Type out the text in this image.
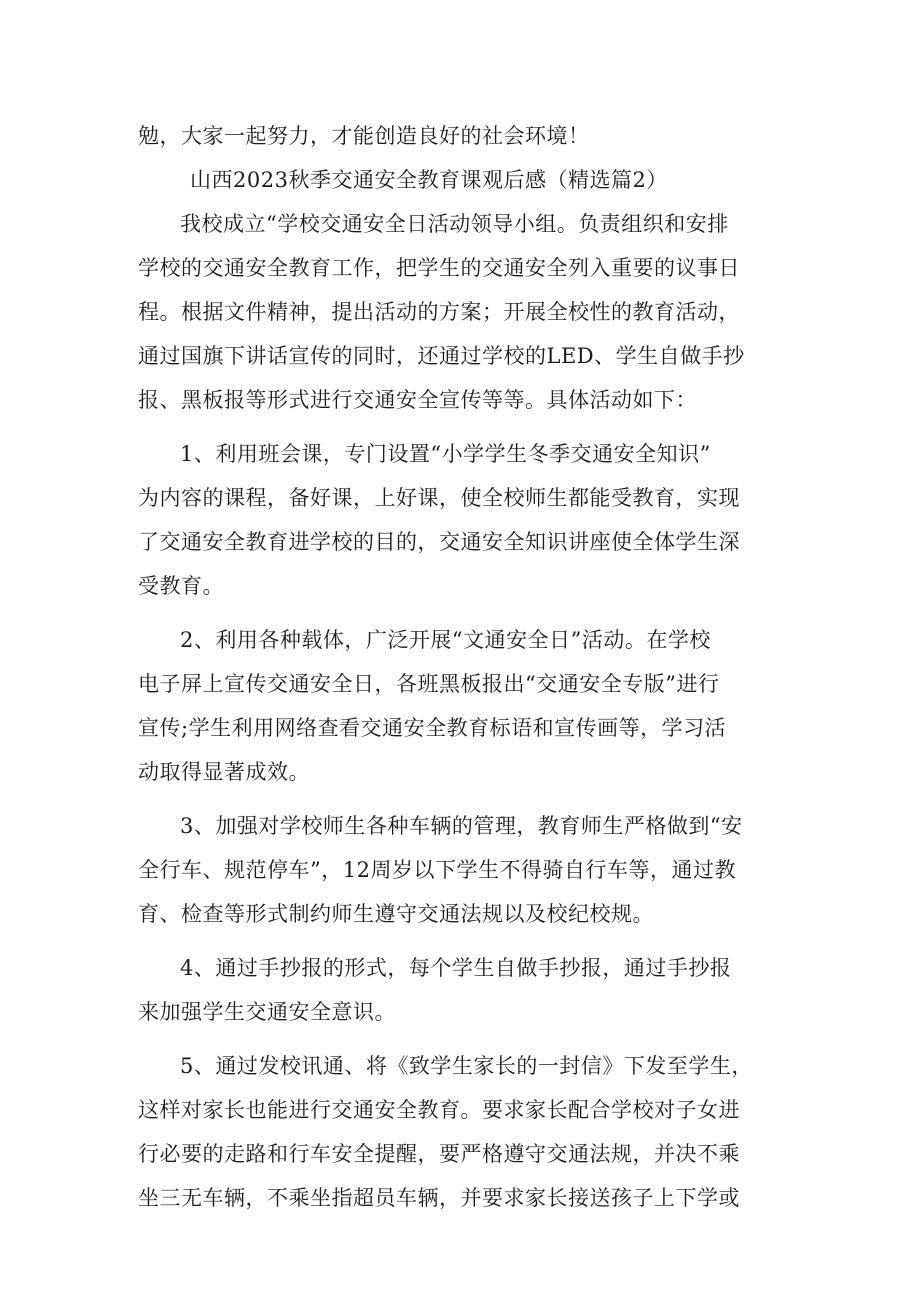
勉，大家一起努力，才能创造良好的社会环境！
山西2023秋季交通安全教育课观后感（精选篇2）
我校成立“学校交通安全日活动领导小组。负责组织和安排
学校的交通安全教育工作，把学生的交通安全列入重要的议事日
程。根据文件精神，提出活动的方案；开展全校性的教育活动，
通过国旗下讲话宣传的同时，还通过学校的LED、学生自做手抄
报、黑板报等形式进行交通安全宣传等等。具体活动如下：
1、利用班会课，专门设置“小学学生冬季交通安全知识”
为内容的课程，备好课，上好课，使全校师生都能受教育，实现
了交通安全教育进学校的目的，交通安全知识讲座使全体学生深
受教育。
2、利用各种载体，广泛开展“文通安全日”活动。在学校
电子屏上宣传交通安全日，各班黑板报出“交通安全专版”进行
宣传;学生利用网络查看交通安全教育标语和宣传画等，学习活
动取得显著成效。
3、加强对学校师生各种车辆的管理，教育师生严格做到“安
全行车、规范停车”，12周岁以下学生不得骑自行车等，通过教
育、检查等形式制约师生遵守交通法规以及校纪校规。
4、通过手抄报的形式，每个学生自做手抄报，通过手抄报
来加强学生交通安全意识。
5、通过发校讯通、将《致学生家长的一封信》下发至学生，
这样对家长也能进行交通安全教育。要求家长配合学校对子女进
行必要的走路和行车安全提醒，要严格遵守交通法规，并决不乘
坐三无车辆，不乘坐指超员车辆，并要求家长接送孩子上下学或
